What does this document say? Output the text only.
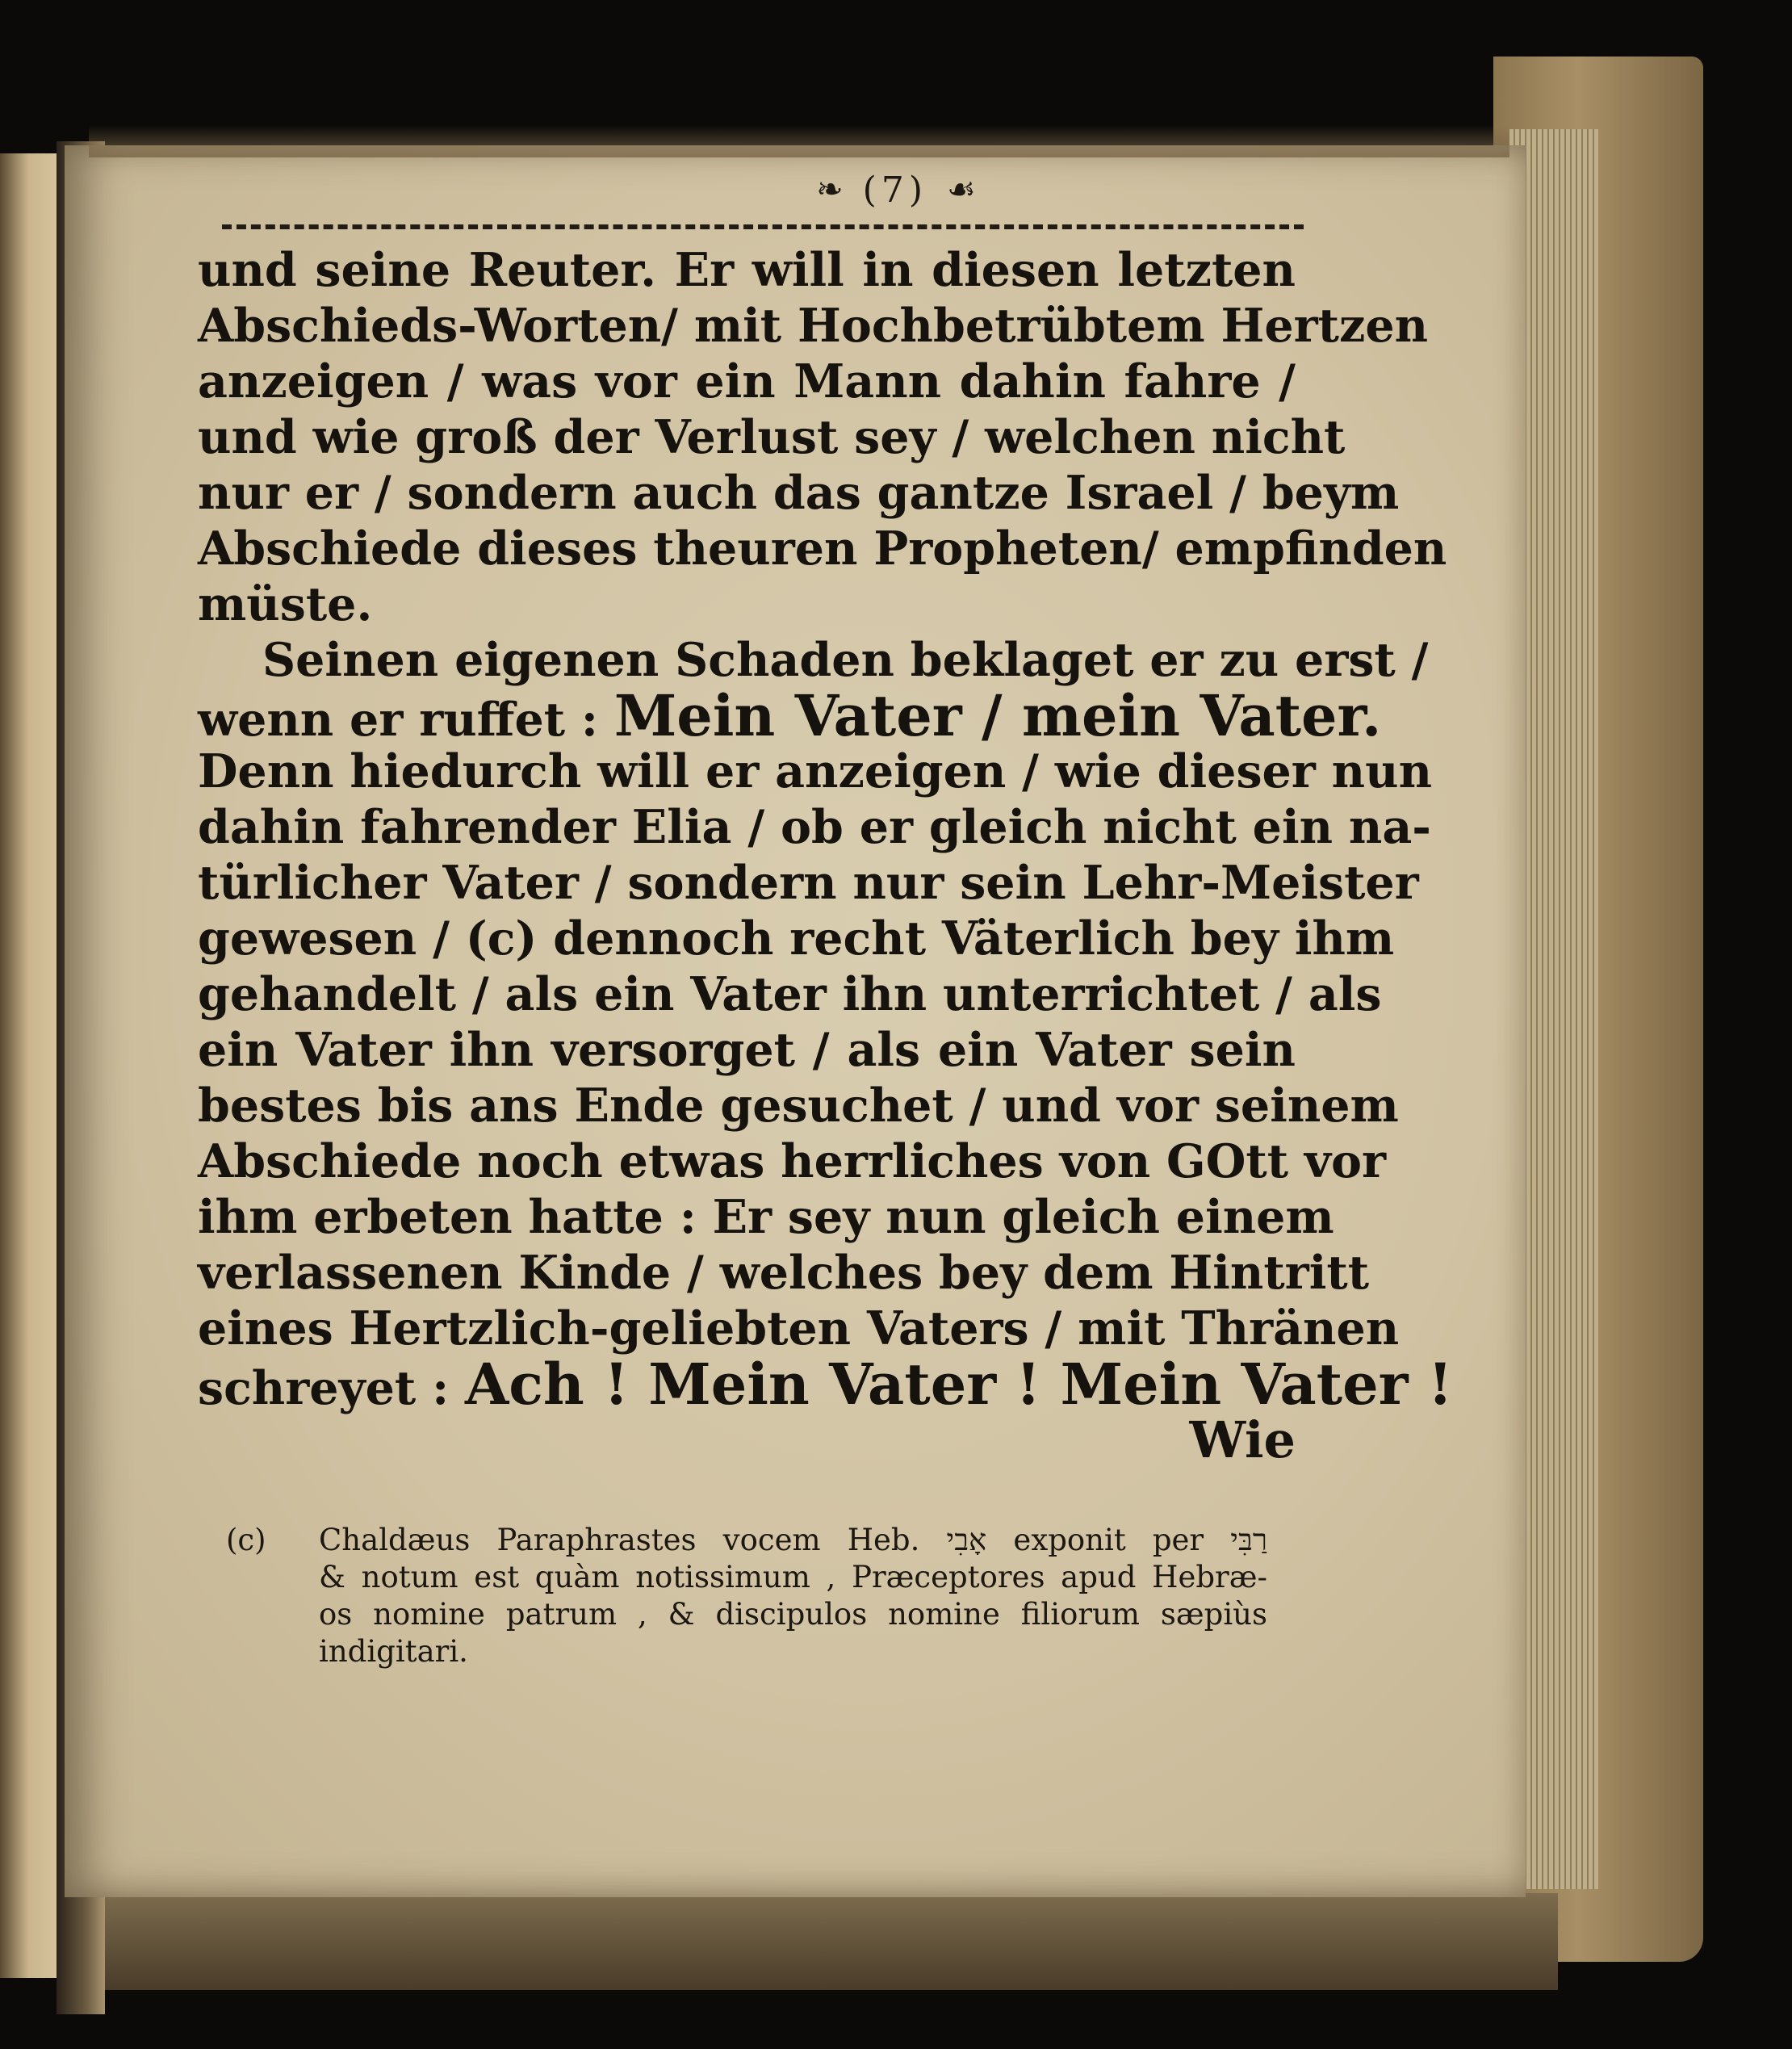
❧ (7) ☙
und seine Reuter. Er will in diesen letzten
Abschieds-Worten/ mit Hochbetrübtem Hertzen
anzeigen / was vor ein Mann dahin fahre /
und wie groß der Verlust sey / welchen nicht
nur er / sondern auch das gantze Israel / beym
Abschiede dieses theuren Propheten/ empfinden
müste.
Seinen eigenen Schaden beklaget er zu erst /
wenn er ruffet : Mein Vater / mein Vater.
Denn hiedurch will er anzeigen / wie dieser nun
dahin fahrender Elia / ob er gleich nicht ein na-
türlicher Vater / sondern nur sein Lehr-Meister
gewesen / (c) dennoch recht Väterlich bey ihm
gehandelt / als ein Vater ihn unterrichtet / als
ein Vater ihn versorget / als ein Vater sein
bestes bis ans Ende gesuchet / und vor seinem
Abschiede noch etwas herrliches von GOtt vor
ihm erbeten hatte : Er sey nun gleich einem
verlassenen Kinde / welches bey dem Hintritt
eines Hertzlich-geliebten Vaters / mit Thränen
schreyet : Ach ! Mein Vater ! Mein Vater !
Wie
(c) Chaldæus Paraphrastes vocem Heb. אָבִי exponit per רַבִּי
& notum est quàm notissimum , Præceptores apud Hebræ-
os nomine patrum , & discipulos nomine filiorum sæpiùs
indigitari.
